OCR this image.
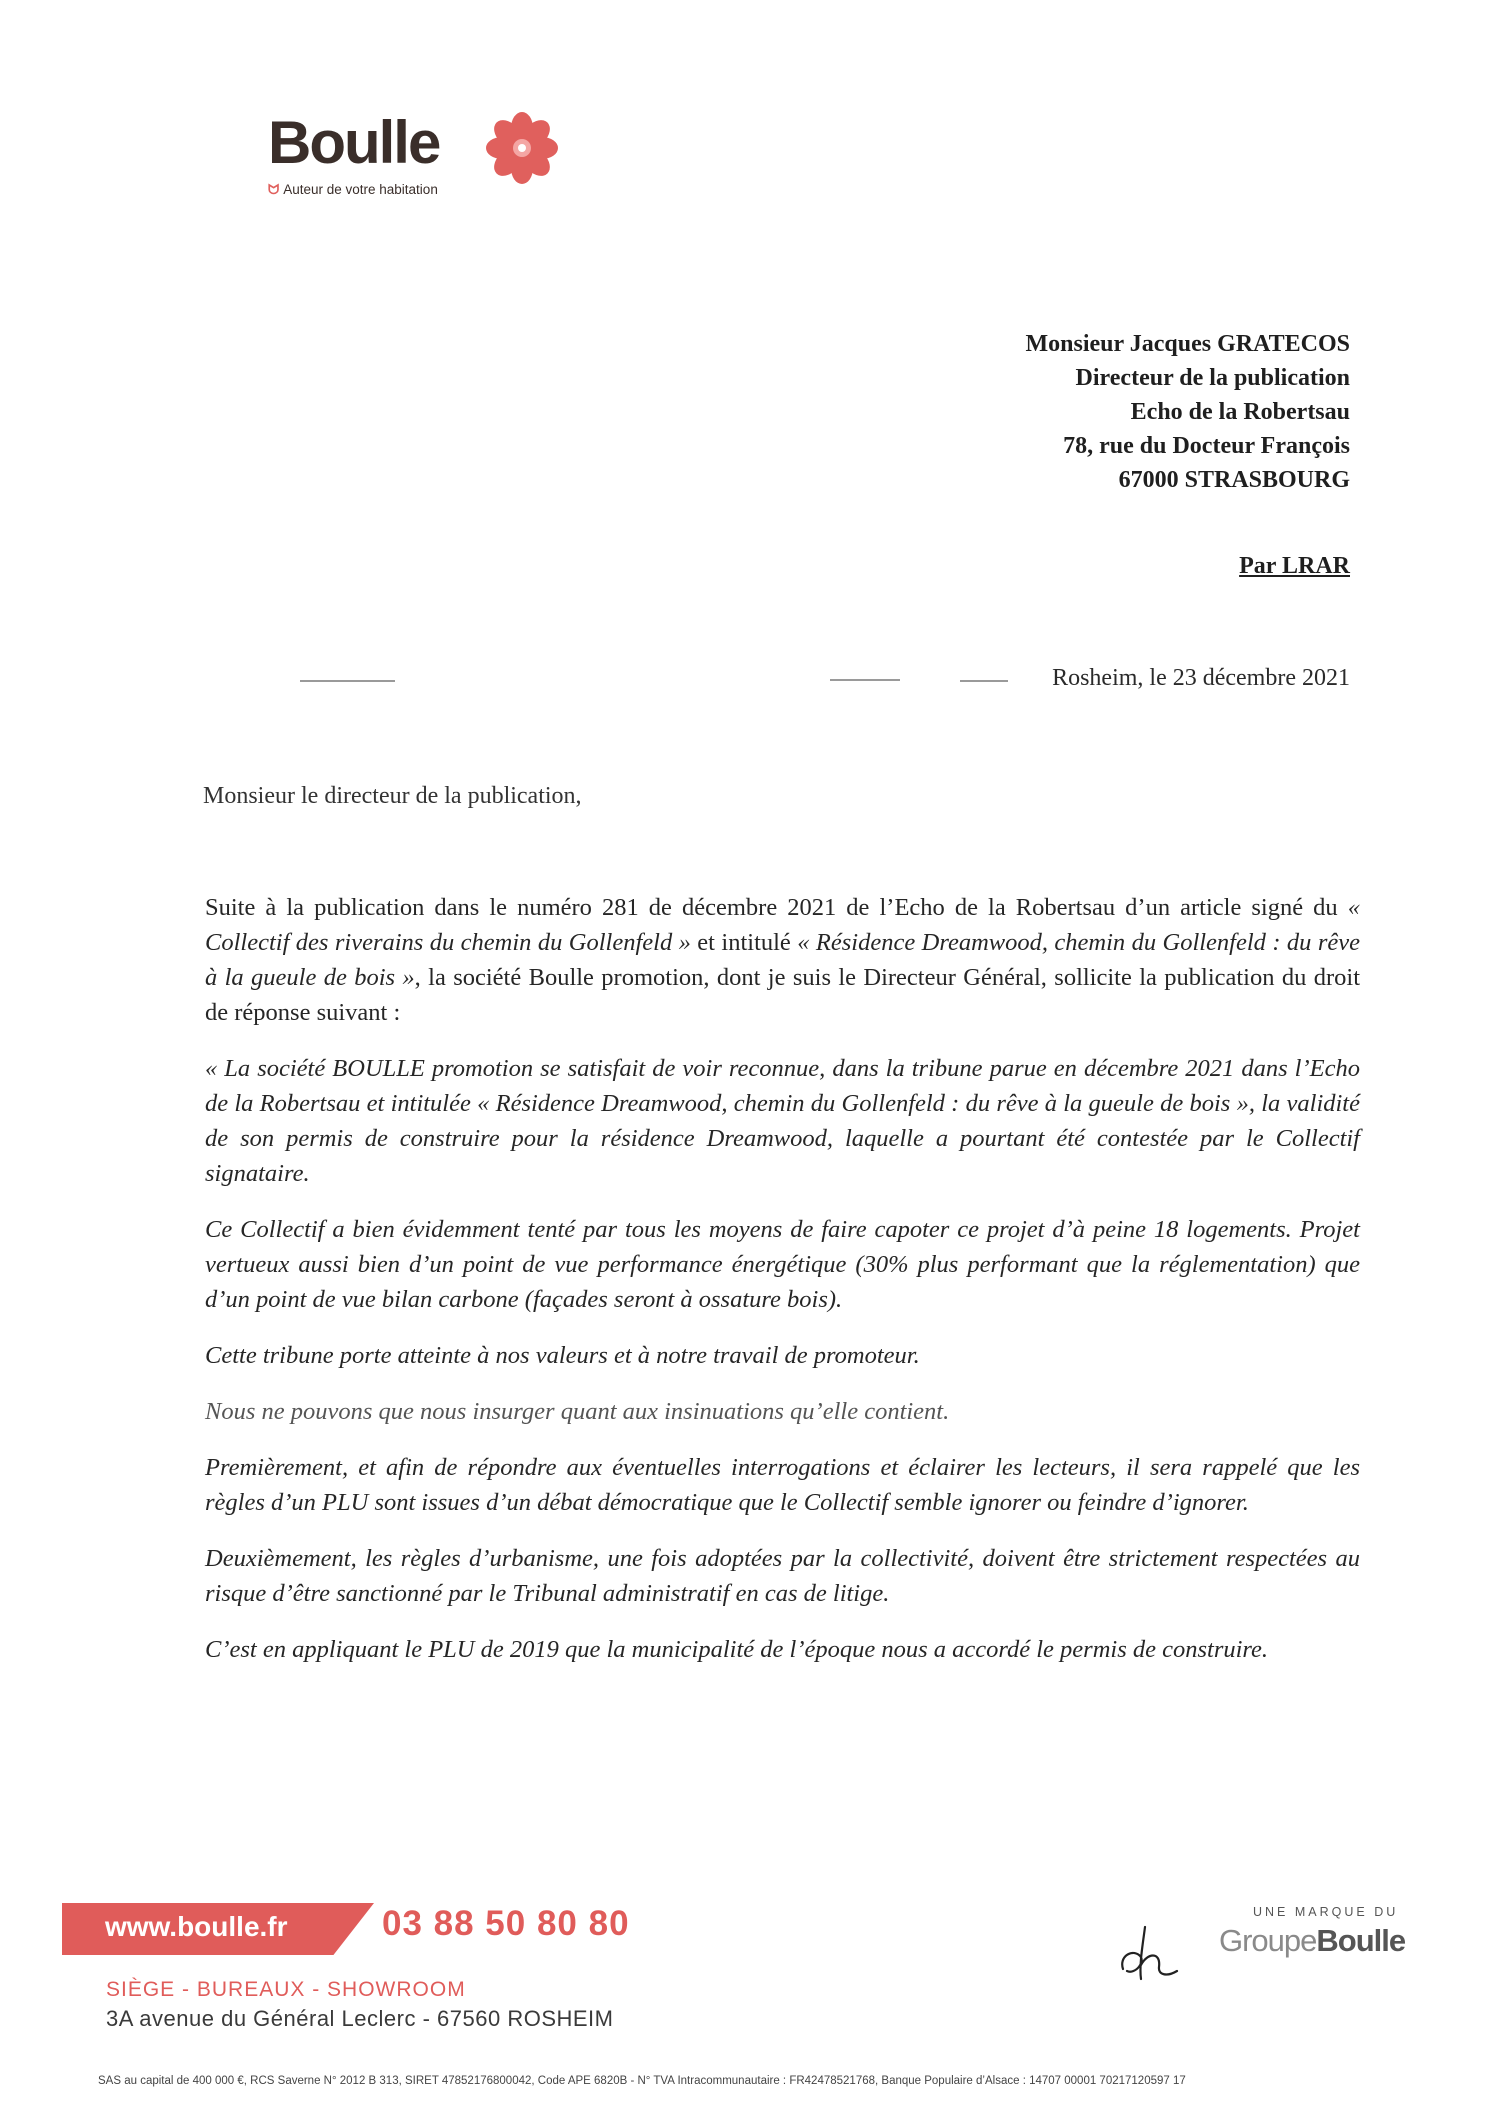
Boulle
ᗢ Auteur de votre habitation
Monsieur Jacques GRATECOS
Directeur de la publication
Echo de la Robertsau
78, rue du Docteur François
67000 STRASBOURG
Par LRAR
Rosheim, le 23 décembre 2021
Monsieur le directeur de la publication,

Suite à la publication dans le numéro 281 de décembre 2021 de l’Echo de la Robertsau d’un article signé du « Collectif des riverains du chemin du Gollenfeld » et intitulé « Résidence Dreamwood, chemin du Gollenfeld : du rêve à la gueule de bois », la société Boulle promotion, dont je suis le Directeur Général, sollicite la publication du droit de réponse suivant :

« La société BOULLE promotion se satisfait de voir reconnue, dans la tribune parue en décembre 2021 dans l’Echo de la Robertsau et intitulée « Résidence Dreamwood, chemin du Gollenfeld : du rêve à la gueule de bois », la validité de son permis de construire pour la résidence Dreamwood, laquelle a pourtant été contestée par le Collectif signataire.

Ce Collectif a bien évidemment tenté par tous les moyens de faire capoter ce projet d’à peine 18 logements. Projet vertueux aussi bien d’un point de vue performance énergétique (30% plus performant que la réglementation) que d’un point de vue bilan carbone (façades seront à ossature bois).

Cette tribune porte atteinte à nos valeurs et à notre travail de promoteur.

Nous ne pouvons que nous insurger quant aux insinuations qu’elle contient.

Premièrement, et afin de répondre aux éventuelles interrogations et éclairer les lecteurs, il sera rappelé que les règles d’un PLU sont issues d’un débat démocratique que le Collectif semble ignorer ou feindre d’ignorer.

Deuxièmement, les règles d’urbanisme, une fois adoptées par la collectivité, doivent être strictement respectées au risque d’être sanctionné par le Tribunal administratif en cas de litige.

C’est en appliquant le PLU de 2019 que la municipalité de l’époque nous a accordé le permis de construire.

www.boulle.fr	03 88 50 80 80
SIÈGE - BUREAUX - SHOWROOM
3A avenue du Général Leclerc - 67560 ROSHEIM
UNE MARQUE DU
GroupeBoulle
SAS au capital de 400 000 €, RCS Saverne N° 2012 B 313, SIRET 47852176800042, Code APE 6820B - N° TVA Intracommunautaire : FR42478521768, Banque Populaire d’Alsace : 14707 00001 70217120597 17
